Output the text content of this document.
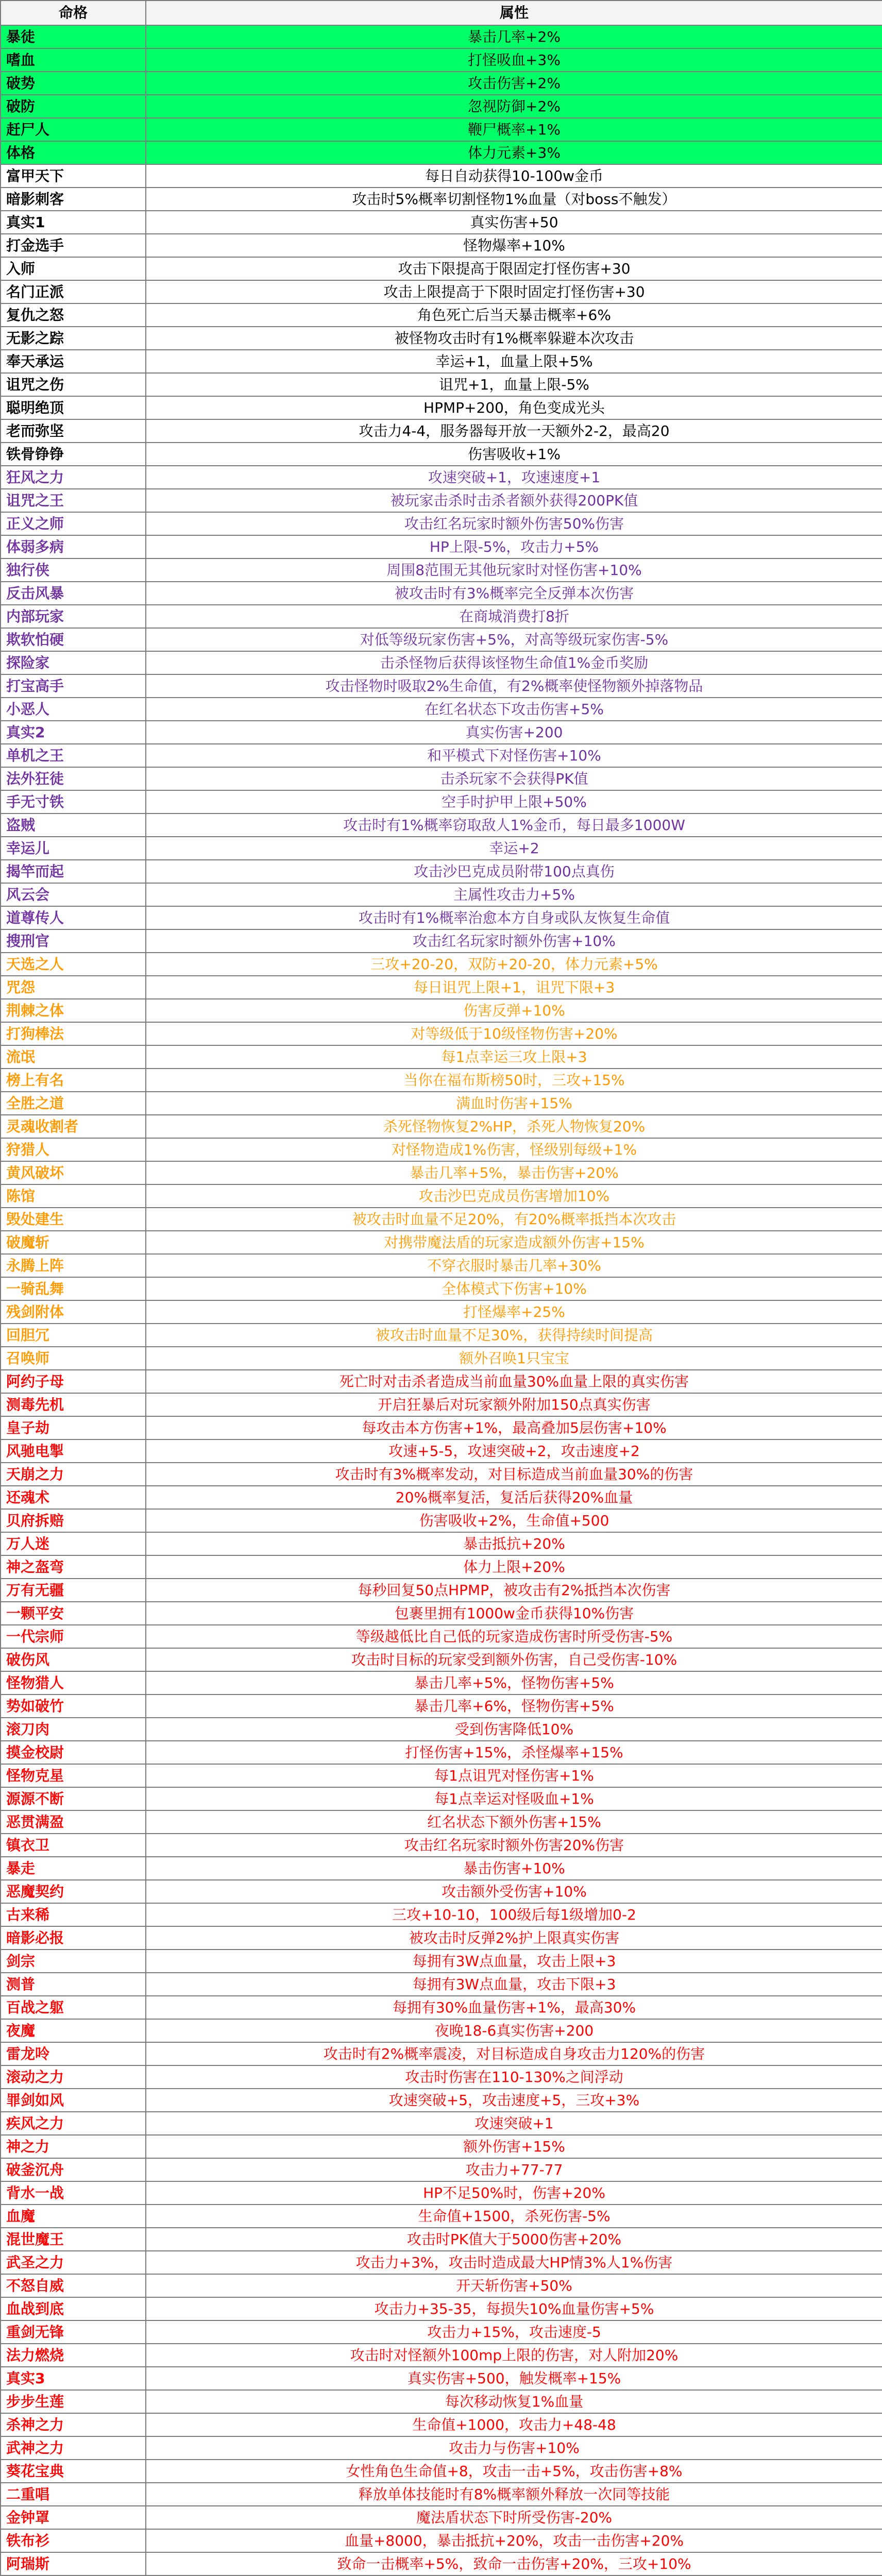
命格	属性
暴徒	暴击几率+2%
嗜血	打怪吸血+3%
破势	攻击伤害+2%
破防	忽视防御+2%
赶尸人	鞭尸概率+1%
体格	体力元素+3%
富甲天下	每日自动获得10-100w金币
暗影刺客	攻击时5%概率切割怪物1%血量（对boss不触发）
真实1	真实伤害+50
打金选手	怪物爆率+10%
入师	攻击下限提高于限固定打怪伤害+30
名门正派	攻击上限提高于下限时固定打怪伤害+30
复仇之怒	角色死亡后当天暴击概率+6%
无影之踪	被怪物攻击时有1%概率躲避本次攻击
奉天承运	幸运+1，血量上限+5%
诅咒之伤	诅咒+1，血量上限-5%
聪明绝顶	HPMP+200，角色变成光头
老而弥坚	攻击力4-4，服务器每开放一天额外2-2，最高20
铁骨铮铮	伤害吸收+1%
狂风之力	攻速突破+1，攻速速度+1
诅咒之王	被玩家击杀时击杀者额外获得200PK值
正义之师	攻击红名玩家时额外伤害50%伤害
体弱多病	HP上限-5%，攻击力+5%
独行侠	周围8范围无其他玩家时对怪伤害+10%
反击风暴	被攻击时有3%概率完全反弹本次伤害
内部玩家	在商城消费打8折
欺软怕硬	对低等级玩家伤害+5%，对高等级玩家伤害-5%
探险家	击杀怪物后获得该怪物生命值1%金币奖励
打宝高手	攻击怪物时吸取2%生命值，有2%概率使怪物额外掉落物品
小恶人	在红名状态下攻击伤害+5%
真实2	真实伤害+200
单机之王	和平模式下对怪伤害+10%
法外狂徒	击杀玩家不会获得PK值
手无寸铁	空手时护甲上限+50%
盗贼	攻击时有1%概率窃取敌人1%金币，每日最多1000W
幸运儿	幸运+2
揭竿而起	攻击沙巴克成员附带100点真伤
风云会	主属性攻击力+5%
道尊传人	攻击时有1%概率治愈本方自身或队友恢复生命值
搜刑官	攻击红名玩家时额外伤害+10%
天选之人	三攻+20-20，双防+20-20，体力元素+5%
咒怨	每日诅咒上限+1，诅咒下限+3
荆棘之体	伤害反弹+10%
打狗棒法	对等级低于10级怪物伤害+20%
流氓	每1点幸运三攻上限+3
榜上有名	当你在福布斯榜50时，三攻+15%
全胜之道	满血时伤害+15%
灵魂收割者	杀死怪物恢复2%HP，杀死人物恢复20%
狩猎人	对怪物造成1%伤害，怪级别每级+1%
黄风破坏	暴击几率+5%，暴击伤害+20%
陈馆	攻击沙巴克成员伤害增加10%
毁处建生	被攻击时血量不足20%，有20%概率抵挡本次攻击
破魔斩	对携带魔法盾的玩家造成额外伤害+15%
永腾上阵	不穿衣服时暴击几率+30%
一骑乱舞	全体模式下伤害+10%
残剑附体	打怪爆率+25%
回胆冗	被攻击时血量不足30%，获得持续时间提高
召唤师	额外召唤1只宝宝
阿约子母	死亡时对击杀者造成当前血量30%血量上限的真实伤害
测毒先机	开启狂暴后对玩家额外附加150点真实伤害
皇子劫	每攻击本方伤害+1%，最高叠加5层伤害+10%
风驰电掣	攻速+5-5，攻速突破+2，攻击速度+2
天崩之力	攻击时有3%概率发动，对目标造成当前血量30%的伤害
还魂术	20%概率复活，复活后获得20%血量
贝府拆赔	伤害吸收+2%，生命值+500
万人迷	暴击抵抗+20%
神之盔弯	体力上限+20%
万有无疆	每秒回复50点HPMP，被攻击有2%抵挡本次伤害
一颗平安	包裹里拥有1000w金币获得10%伤害
一代宗师	等级越低比自己低的玩家造成伤害时所受伤害-5%
破伤风	攻击时目标的玩家受到额外伤害，自己受伤害-10%
怪物猎人	暴击几率+5%，怪物伤害+5%
势如破竹	暴击几率+6%，怪物伤害+5%
滚刀肉	受到伤害降低10%
摸金校尉	打怪伤害+15%，杀怪爆率+15%
怪物克星	每1点诅咒对怪伤害+1%
源源不断	每1点幸运对怪吸血+1%
恶贯满盈	红名状态下额外伤害+15%
镇衣卫	攻击红名玩家时额外伤害20%伤害
暴走	暴击伤害+10%
恶魔契约	攻击额外受伤害+10%
古来稀	三攻+10-10，100级后每1级增加0-2
暗影必报	被攻击时反弹2%护上限真实伤害
剑宗	每拥有3W点血量，攻击上限+3
测普	每拥有3W点血量，攻击下限+3
百战之躯	每拥有30%血量伤害+1%，最高30%
夜魔	夜晚18-6真实伤害+200
雷龙呤	攻击时有2%概率震凌，对目标造成自身攻击力120%的伤害
滚动之力	攻击时伤害在110-130%之间浮动
罪剑如风	攻速突破+5，攻击速度+5，三攻+3%
疾风之力	攻速突破+1
神之力	额外伤害+15%
破釜沉舟	攻击力+77-77
背水一战	HP不足50%时，伤害+20%
血魔	生命值+1500，杀死伤害-5%
混世魔王	攻击时PK值大于5000伤害+20%
武圣之力	攻击力+3%，攻击时造成最大HP情3%人1%伤害
不怒自威	开天斩伤害+50%
血战到底	攻击力+35-35，每损失10%血量伤害+5%
重剑无锋	攻击力+15%，攻击速度-5
法力燃烧	攻击时对怪额外100mp上限的伤害，对人附加20%
真实3	真实伤害+500，触发概率+15%
步步生莲	每次移动恢复1%血量
杀神之力	生命值+1000，攻击力+48-48
武神之力	攻击力与伤害+10%
葵花宝典	女性角色生命值+8，攻击一击+5%，攻击伤害+8%
二重唱	释放单体技能时有8%概率额外释放一次同等技能
金钟罩	魔法盾状态下时所受伤害-20%
铁布衫	血量+8000，暴击抵抗+20%，攻击一击伤害+20%
阿瑞斯	致命一击概率+5%，致命一击伤害+20%，三攻+10%
